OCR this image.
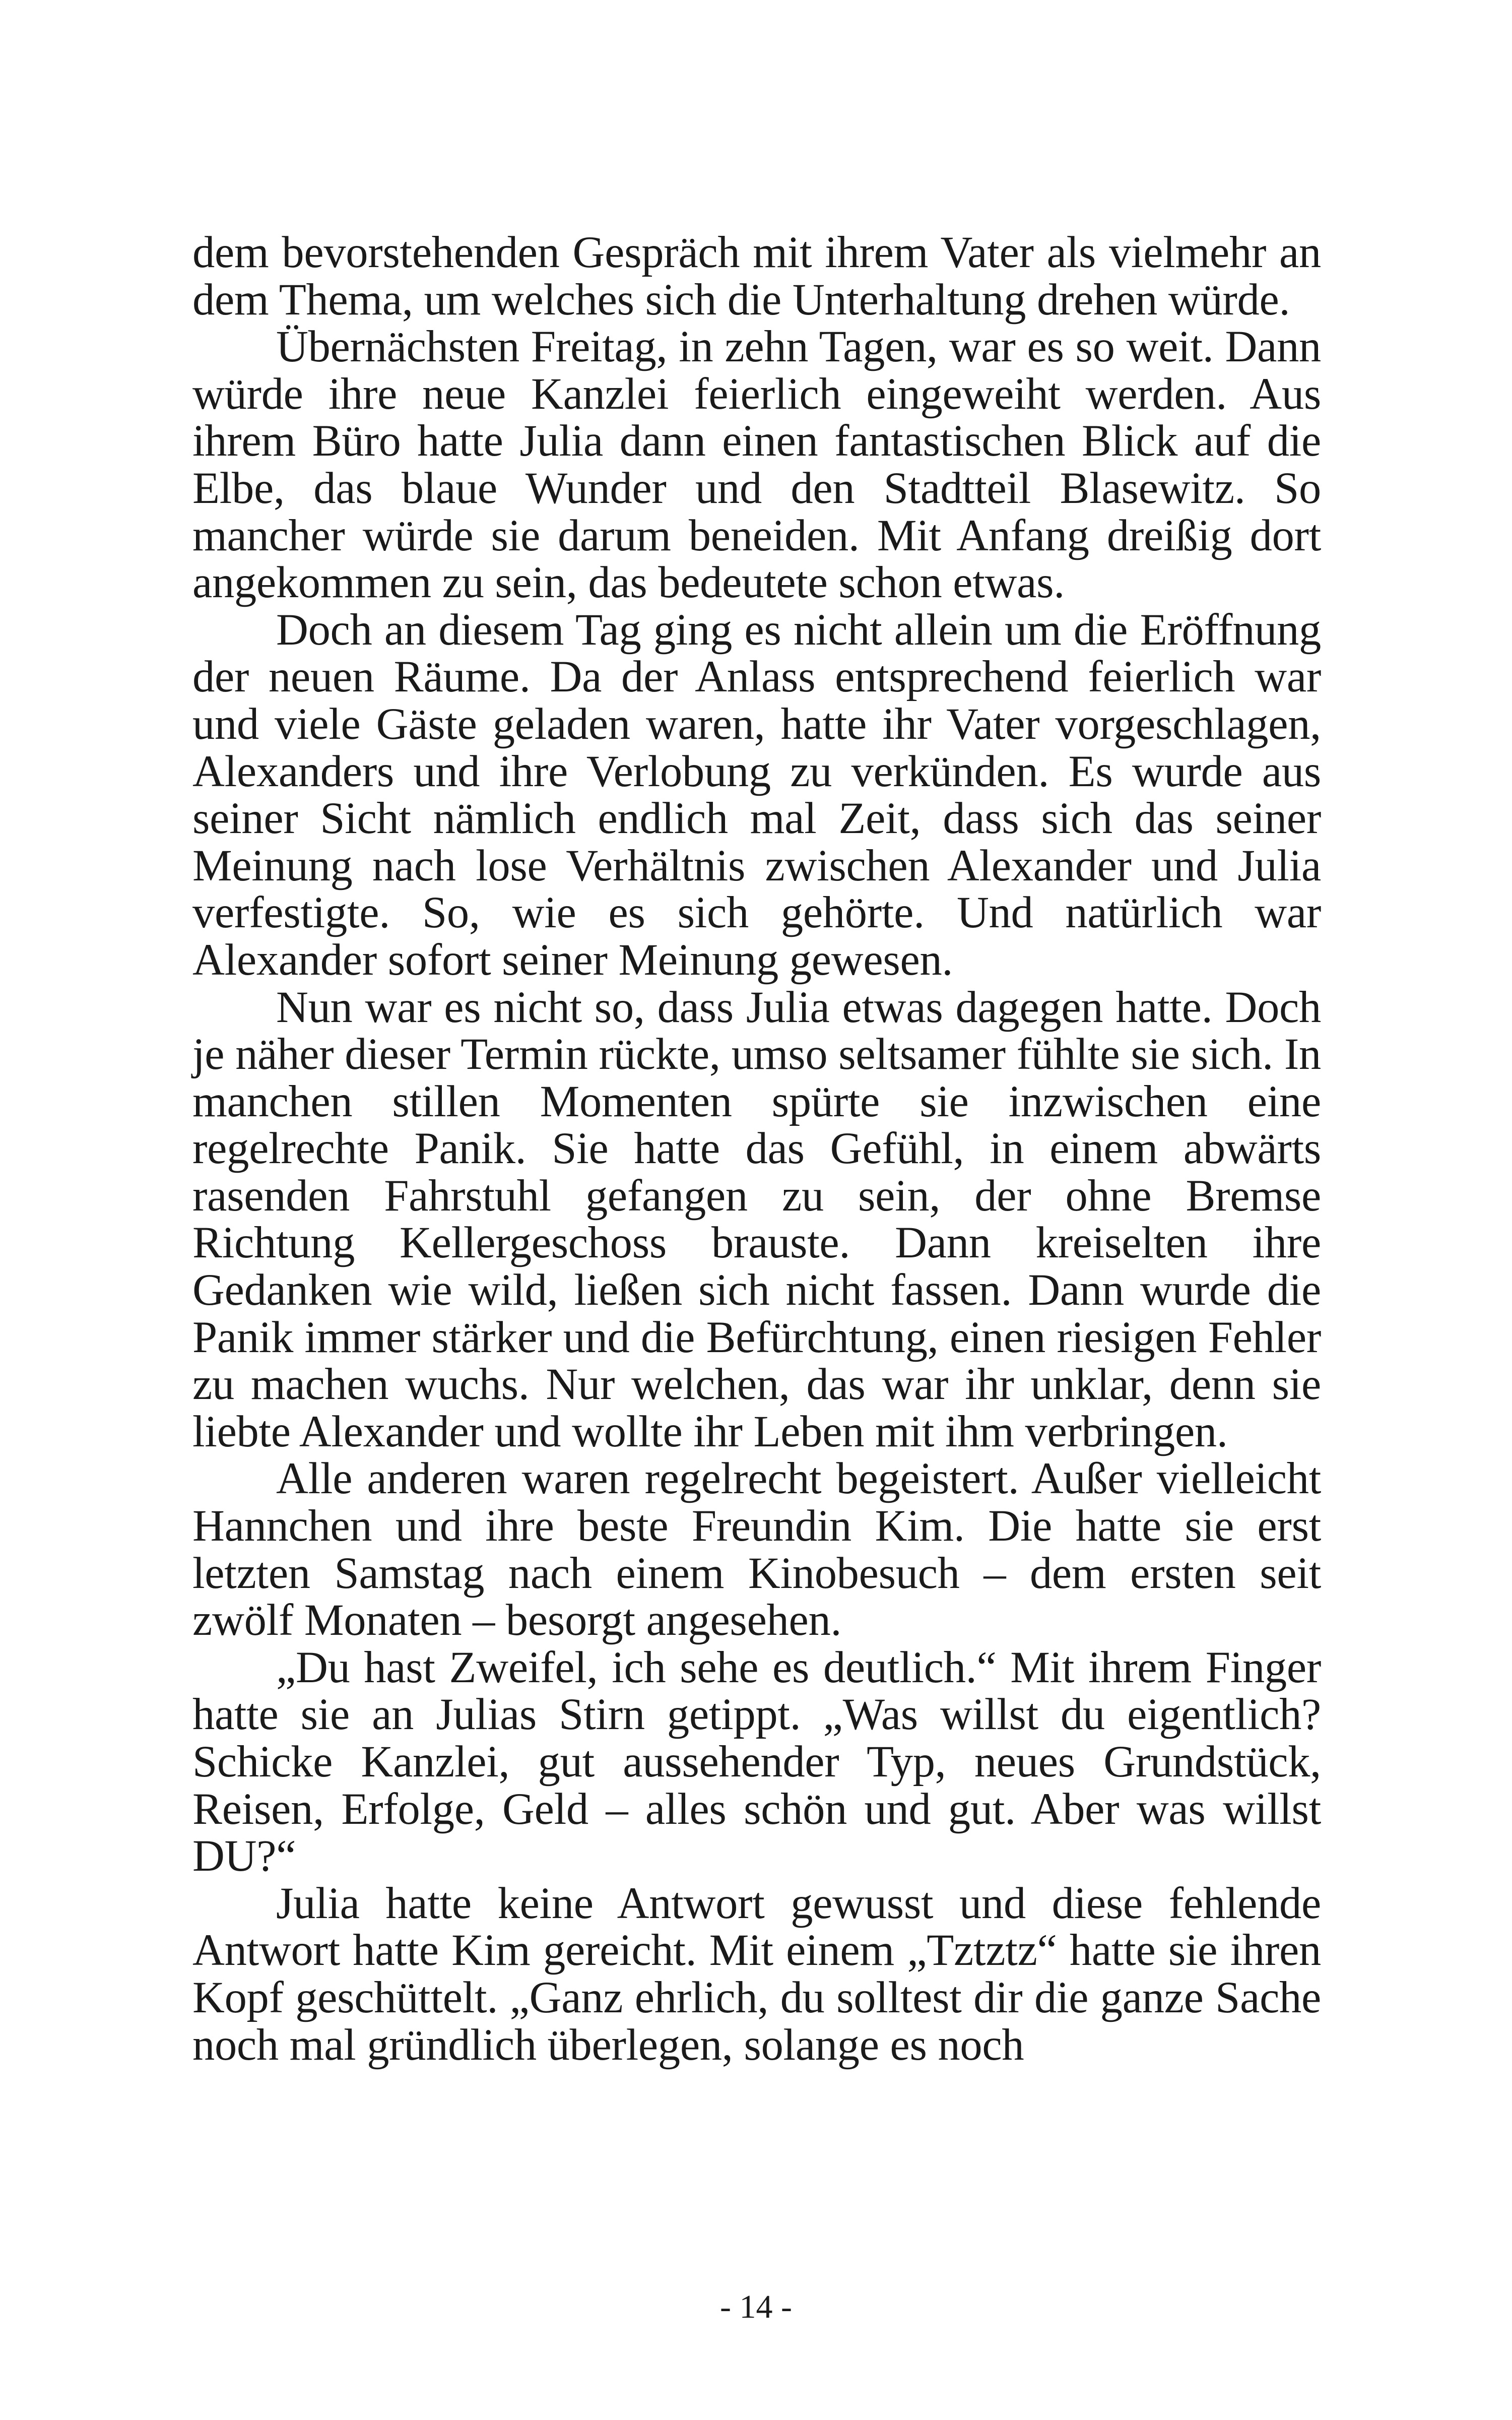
dem bevorstehenden Gespräch mit ihrem Vater als vielmehr an dem Thema, um welches sich die Unterhaltung drehen würde.

Übernächsten Freitag, in zehn Tagen, war es so weit. Dann würde ihre neue Kanzlei feierlich eingeweiht werden. Aus ihrem Büro hatte Julia dann einen fantastischen Blick auf die Elbe, das blaue Wunder und den Stadtteil Blasewitz. So mancher würde sie darum beneiden. Mit Anfang dreißig dort angekommen zu sein, das bedeutete schon etwas.

Doch an diesem Tag ging es nicht allein um die Eröffnung der neuen Räume. Da der Anlass entsprechend feierlich war und viele Gäste geladen waren, hatte ihr Vater vorgeschlagen, Alexanders und ihre Verlobung zu verkünden. Es wurde aus seiner Sicht nämlich endlich mal Zeit, dass sich das seiner Meinung nach lose Verhältnis zwischen Alexander und Julia verfestigte. So, wie es sich gehörte. Und natürlich war Alexander sofort seiner Meinung gewesen.

Nun war es nicht so, dass Julia etwas dagegen hatte. Doch je näher dieser Termin rückte, umso seltsamer fühlte sie sich. In manchen stillen Momenten spürte sie inzwischen eine regelrechte Panik. Sie hatte das Gefühl, in einem abwärts rasenden Fahrstuhl gefangen zu sein, der ohne Bremse Richtung Kellergeschoss brauste. Dann kreiselten ihre Gedanken wie wild, ließen sich nicht fassen. Dann wurde die Panik immer stärker und die Befürchtung, einen riesigen Fehler zu machen wuchs. Nur welchen, das war ihr unklar, denn sie liebte Alexander und wollte ihr Leben mit ihm verbringen.

Alle anderen waren regelrecht begeistert. Außer vielleicht Hannchen und ihre beste Freundin Kim. Die hatte sie erst letzten Samstag nach einem Kinobesuch – dem ersten seit zwölf Monaten – besorgt angesehen.

„Du hast Zweifel, ich sehe es deutlich.“ Mit ihrem Finger hatte sie an Julias Stirn getippt. „Was willst du eigentlich? Schicke Kanzlei, gut aussehender Typ, neues Grundstück, Reisen, Erfolge, Geld – alles schön und gut. Aber was willst DU?“

Julia hatte keine Antwort gewusst und diese fehlende Antwort hatte Kim gereicht. Mit einem „Tztztz“ hatte sie ihren Kopf geschüttelt. „Ganz ehrlich, du solltest dir die ganze Sache noch mal gründlich überlegen, solange es noch

- 14 -
